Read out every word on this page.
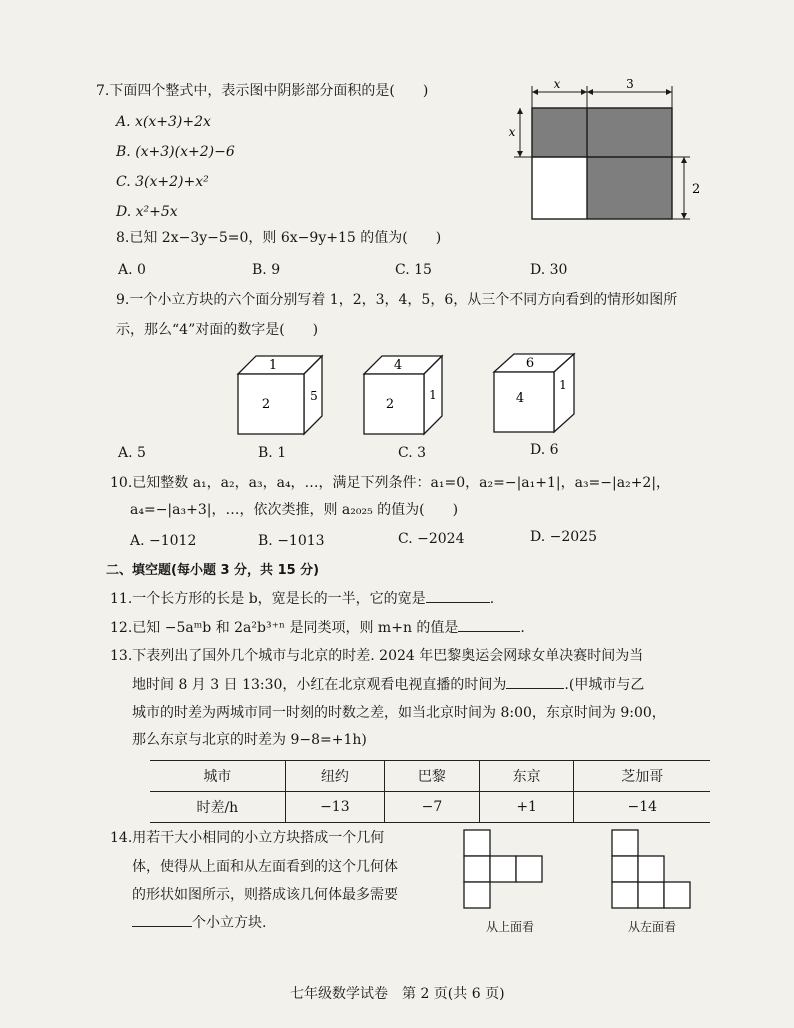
7.下面四个整式中，表示图中阴影部分面积的是(　　)
A. x(x+3)+2x
B. (x+3)(x+2)−6
C. 3(x+2)+x²
D. x²+5x
x	3
x
2
8.已知 2x−3y−5=0，则 6x−9y+15 的值为(　　)
A. 0	B. 9	C. 15	D. 30
9.一个小立方块的六个面分别写着 1，2，3，4，5，6，从三个不同方向看到的情形如图所
示，那么“4”对面的数字是(　　)
1
2
5
4
2
1
6
4
1
A. 5	B. 1	C. 3	D. 6
10.已知整数 a₁，a₂，a₃，a₄，…，满足下列条件：a₁=0，a₂=−|a₁+1|，a₃=−|a₂+2|，
a₄=−|a₃+3|，…，依次类推，则 a₂₀₂₅ 的值为(　　)
A. −1012	B. −1013	C. −2024	D. −2025
二、填空题(每小题 3 分，共 15 分)
11.一个长方形的长是 b，宽是长的一半，它的宽是	.
12.已知 −5aᵐb 和 2a²b³⁺ⁿ 是同类项，则 m+n 的值是	.
13.下表列出了国外几个城市与北京的时差. 2024 年巴黎奥运会网球女单决赛时间为当
地时间 8 月 3 日 13:30，小红在北京观看电视直播的时间为	.(甲城市与乙
城市的时差为两城市同一时刻的时数之差，如当北京时间为 8:00，东京时间为 9:00，
那么东京与北京的时差为 9−8=+1h)
城市	纽约	巴黎	东京	芝加哥
时差/h	−13	−7	+1	−14
14.用若干大小相同的小立方块搭成一个几何
体，使得从上面和从左面看到的这个几何体
的形状如图所示，则搭成该几何体最多需要
个小立方块.	从上面看	从左面看
七年级数学试卷　第 2 页(共 6 页)
